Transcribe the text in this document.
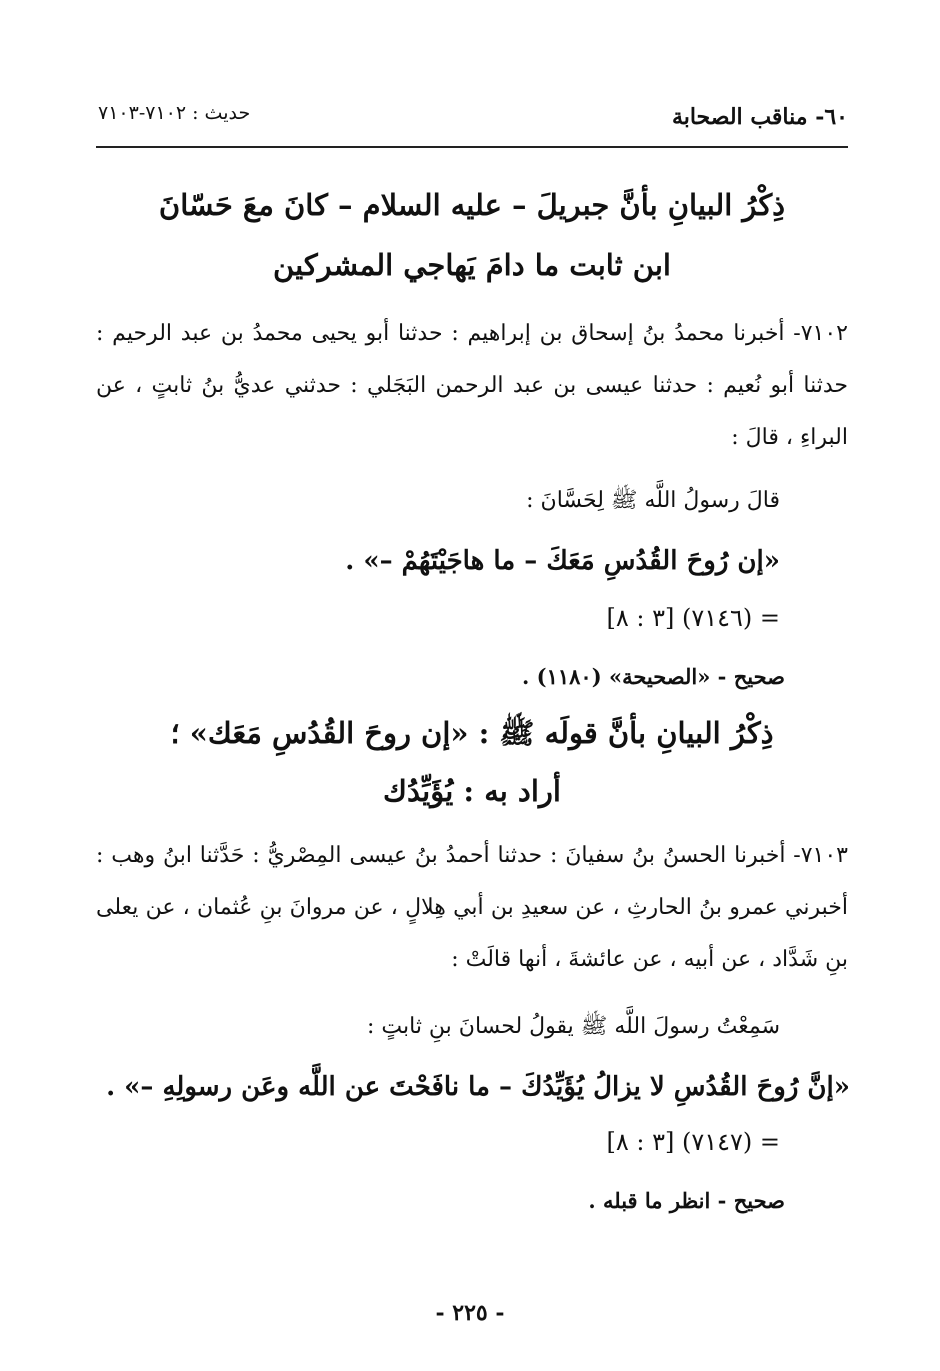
٦٠- مناقب الصحابة
حديث : ٧١٠٢-٧١٠٣
ذِكْرُ البيانِ بأنَّ جبريلَ – عليه السلام – كانَ معَ حَسّانَ
ابن ثابت ما دامَ يَهاجي المشركين
٧١٠٢- أخبرنا محمدُ بنُ إسحاق بن إبراهيم : حدثنا أبو يحيى محمدُ بن عبد الرحيم : حدثنا أبو نُعيم : حدثنا عيسى بن عبد الرحمن البَجَلي : حدثني عديُّ بنُ ثابتٍ ، عن البراءِ ، قالَ :
قالَ رسولُ اللَّه ﷺ لِحَسَّانَ :
«إن رُوحَ القُدُسِ مَعَكَ – ما هاجَيْتَهُمْ –» .
= (٧١٤٦) [٣ : ٨]
صحيح - «الصحيحة» (١١٨٠) .
ذِكْرُ البيانِ بأنَّ قولَه ﷺ : «إن روحَ القُدُسِ مَعَك» ؛
أراد به : يُؤَيِّدُك
٧١٠٣- أخبرنا الحسنُ بنُ سفيانَ : حدثنا أحمدُ بنُ عيسى المِصْريُّ : حَدَّثنا ابنُ وهب : أخبرني عمرو بنُ الحارثِ ، عن سعيدِ بن أبي هِلالٍ ، عن مروانَ بنِ عُثمان ، عن يعلى بنِ شَدَّاد ، عن أبيه ، عن عائشةَ ، أنها قالَتْ :
سَمِعْتُ رسولَ اللَّه ﷺ يقولُ لحسانَ بنِ ثابتٍ :
«إنَّ رُوحَ القُدُسِ لا يزالُ يُؤَيِّدُكَ – ما نافَحْتَ عن اللَّه وعَن رسولِهِ –» .
= (٧١٤٧) [٣ : ٨]
صحيح - انظر ما قبله .
- ٢٢٥ -
